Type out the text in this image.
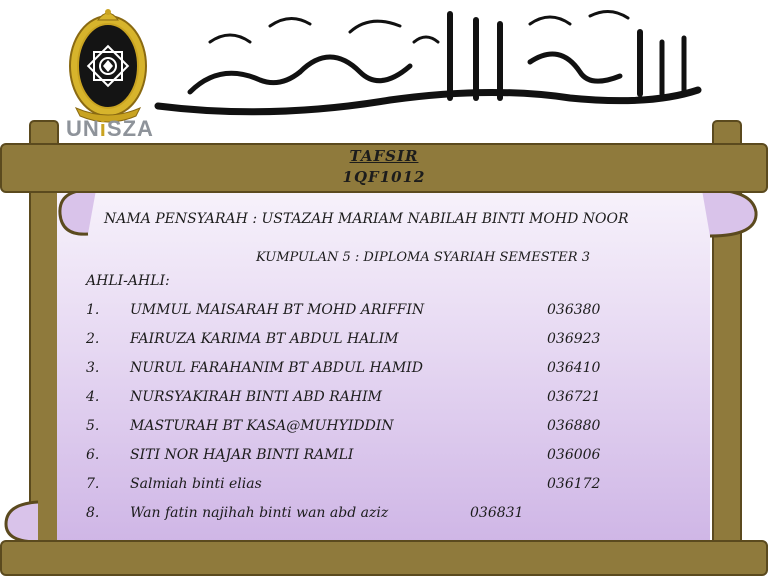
UNiSZA
TAFSIR
1QF1012
NAMA PENSYARAH : USTAZAH MARIAM NABILAH BINTI MOHD NOOR
KUMPULAN 5 : DIPLOMA SYARIAH SEMESTER 3
AHLI-AHLI:
1. UMMUL MAISARAH BT MOHD ARIFFIN	036380
2. FAIRUZA KARIMA BT ABDUL HALIM	036923
3. NURUL FARAHANIM BT ABDUL HAMID	036410
4. NURSYAKIRAH BINTI ABD RAHIM	036721
5. MASTURAH BT KASA@MUHYIDDIN	036880
6. SITI NOR HAJAR BINTI RAMLI	036006
7. Salmiah binti elias	036172
8. Wan fatin najihah binti wan abd aziz	036831
